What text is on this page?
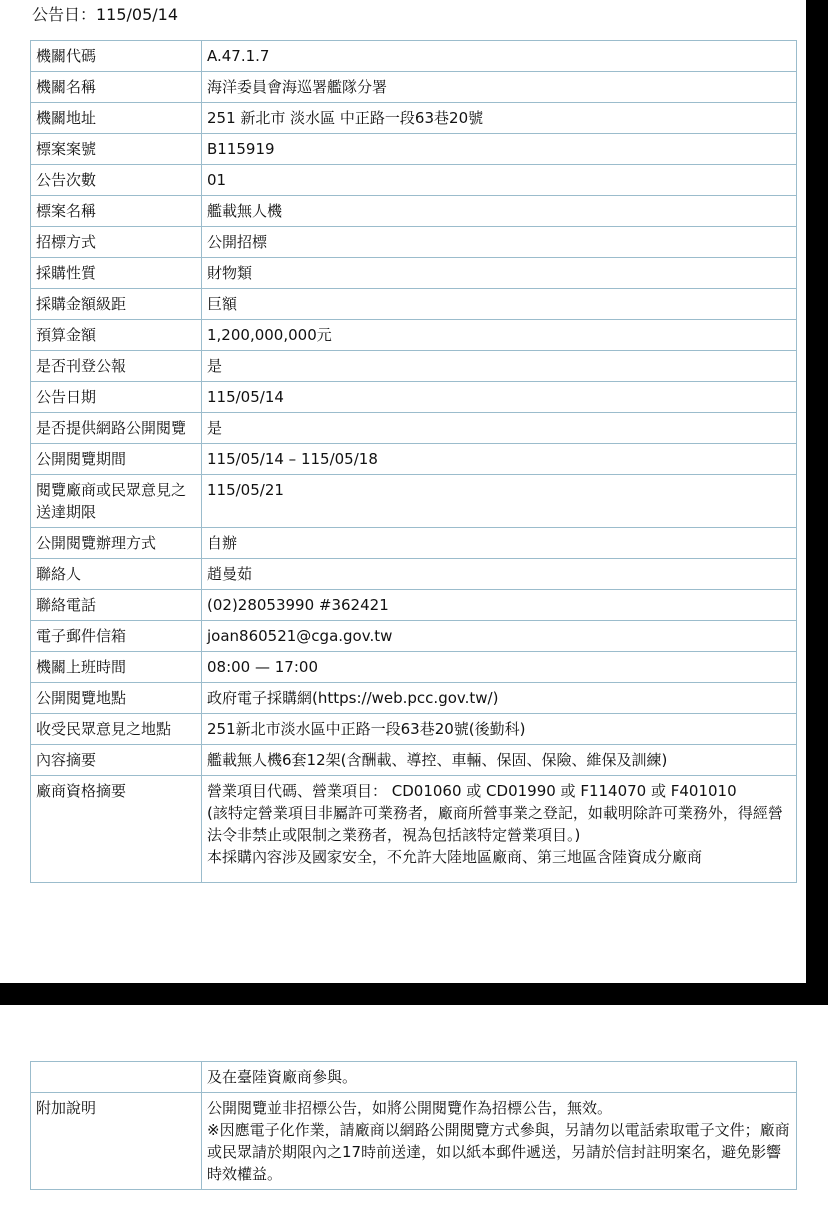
公告日：115/05/14
機關代碼	A.47.1.7
機關名稱	海洋委員會海巡署艦隊分署
機關地址	251 新北市 淡水區 中正路一段63巷20號
標案案號	B115919
公告次數	01
標案名稱	艦載無人機
招標方式	公開招標
採購性質	財物類
採購金額級距	巨額
預算金額	1,200,000,000元
是否刊登公報	是
公告日期	115/05/14
是否提供網路公開閱覽	是
公開閱覽期間	115/05/14 – 115/05/18
閱覽廠商或民眾意見之送達期限	115/05/21
公開閱覽辦理方式	自辦
聯絡人	趙曼茹
聯絡電話	(02)28053990 #362421
電子郵件信箱	joan860521@cga.gov.tw
機關上班時間	08:00 — 17:00
公開閱覽地點	政府電子採購網(https://web.pcc.gov.tw/)
收受民眾意見之地點	251新北市淡水區中正路一段63巷20號(後勤科)
內容摘要	艦載無人機6套12架(含酬載、導控、車輛、保固、保險、維保及訓練)
廠商資格摘要	營業項目代碼、營業項目： CD01060 或 CD01990 或 F114070 或 F401010
(該特定營業項目非屬許可業務者，廠商所營事業之登記，如載明除許可業務外，得經營法令非禁止或限制之業務者，視為包括該特定營業項目。)
本採購內容涉及國家安全，不允許大陸地區廠商、第三地區含陸資成分廠商
	及在臺陸資廠商參與。
附加說明	公開閱覽並非招標公告，如將公開閱覽作為招標公告，無效。
※因應電子化作業，請廠商以網路公開閱覽方式參與，另請勿以電話索取電子文件；廠商或民眾請於期限內之17時前送達，如以紙本郵件遞送，另請於信封註明案名，避免影響時效權益。
